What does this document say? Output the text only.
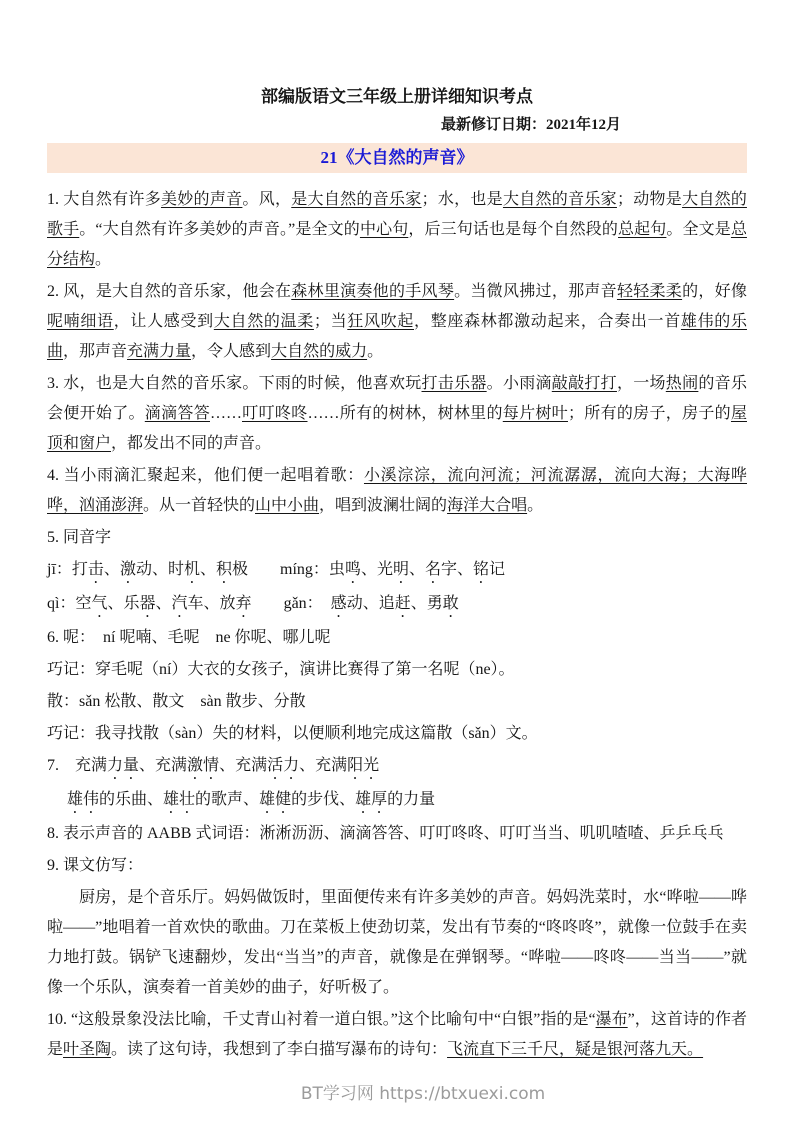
部编版语文三年级上册详细知识考点
最新修订日期：2021年12月
21《大自然的声音》
1. 大自然有许多美妙的声音。风，是大自然的音乐家；水，也是大自然的音乐家；动物是大自然的歌手。“大自然有许多美妙的声音。”是全文的中心句，后三句话也是每个自然段的总起句。全文是总分结构。
2. 风，是大自然的音乐家，他会在森林里演奏他的手风琴。当微风拂过，那声音轻轻柔柔的，好像呢喃细语，让人感受到大自然的温柔；当狂风吹起，整座森林都激动起来，合奏出一首雄伟的乐曲，那声音充满力量，令人感到大自然的威力。
3. 水，也是大自然的音乐家。下雨的时候，他喜欢玩打击乐器。小雨滴敲敲打打，一场热闹的音乐会便开始了。滴滴答答……叮叮咚咚……所有的树林，树林里的每片树叶；所有的房子，房子的屋顶和窗户，都发出不同的声音。
4. 当小雨滴汇聚起来，他们便一起唱着歌：小溪淙淙，流向河流；河流潺潺，流向大海；大海哗哗，汹涌澎湃。从一首轻快的山中小曲，唱到波澜壮阔的海洋大合唱。
5. 同音字
jī：打击、激动、时机、积极　　míng：虫鸣、光明、名字、铭记
qì：空气、乐器、汽车、放弃　　gǎn：　感动、追赶、勇敢
6. 呢：　ní 呢喃、毛呢　ne 你呢、哪儿呢
巧记：穿毛呢（ní）大衣的女孩子，演讲比赛得了第一名呢（ne）。
散：sǎn 松散、散文　sàn 散步、分散
巧记：我寻找散（sàn）失的材料，以便顺利地完成这篇散（sǎn）文。
7.　充满力量、充满激情、充满活力、充满阳光
雄伟的乐曲、雄壮的歌声、雄健的步伐、雄厚的力量
8. 表示声音的 AABB 式词语：淅淅沥沥、滴滴答答、叮叮咚咚、叮叮当当、叽叽喳喳、乒乒乓乓
9. 课文仿写：
厨房，是个音乐厅。妈妈做饭时，里面便传来有许多美妙的声音。妈妈洗菜时，水“哗啦——哗啦——”地唱着一首欢快的歌曲。刀在菜板上使劲切菜，发出有节奏的“咚咚咚”，就像一位鼓手在卖力地打鼓。锅铲飞速翻炒，发出“当当”的声音，就像是在弹钢琴。“哗啦——咚咚——当当——”就像一个乐队，演奏着一首美妙的曲子，好听极了。
10. “这般景象没法比喻，千丈青山衬着一道白银。”这个比喻句中“白银”指的是“瀑布”，这首诗的作者是叶圣陶。读了这句诗，我想到了李白描写瀑布的诗句：飞流直下三千尺，疑是银河落九天。
BT学习网 https://btxuexi.com
